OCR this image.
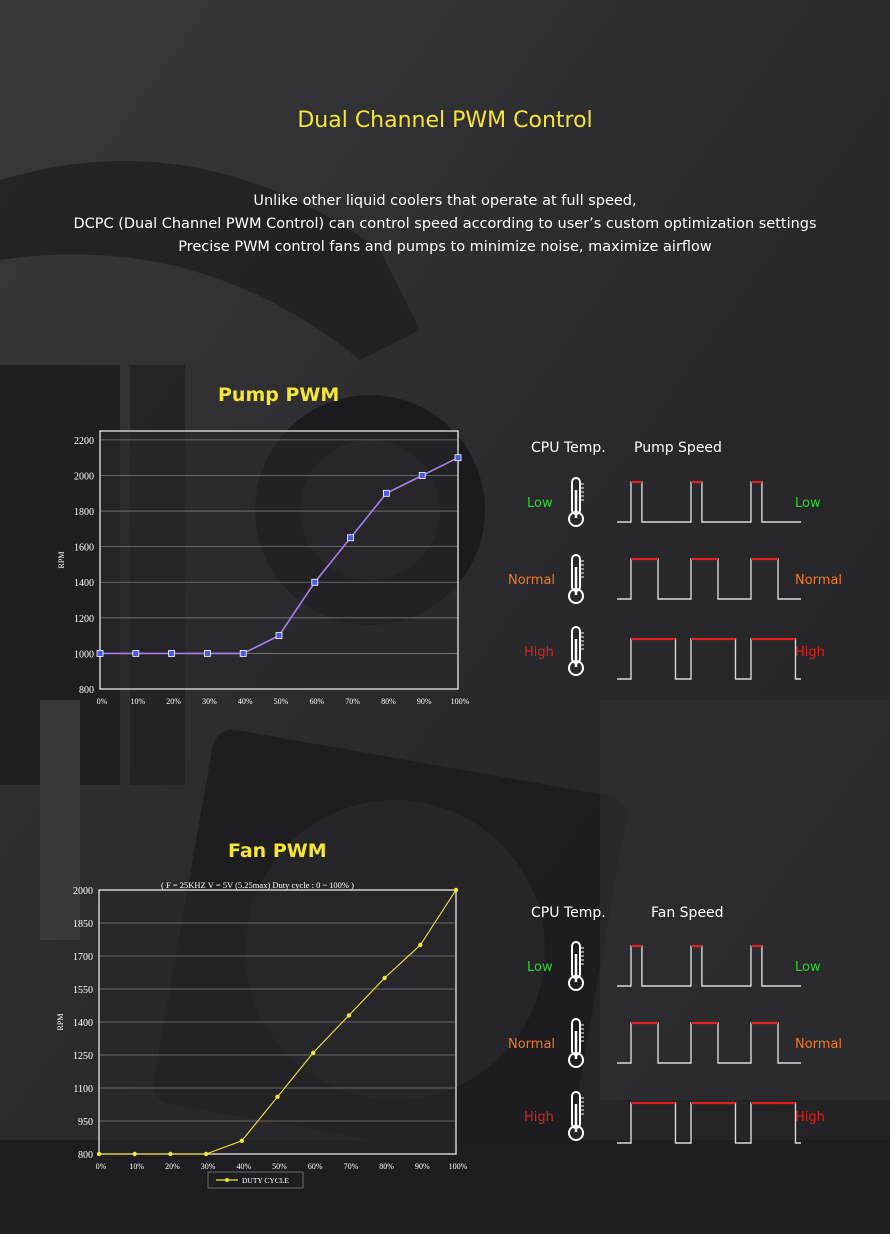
Dual Channel PWM Control
Unlike other liquid coolers that operate at full speed,
DCPC (Dual Channel PWM Control) can control speed according to user’s custom optimization settings
Precise PWM control fans and pumps to minimize noise, maximize airflow
Pump PWM
800
1000
1200
1400
1600
1800
2000
2200
0%	10%	20%	30%	40%	50%	60%	70%	80%	90% 100%
RPM
CPU Temp. Pump Speed
Fan PWM
800
950
1100
1250
1400
1550
1700
1850
2000
0%	10%	20%	30%	40%	50%	60%	70%	80%	90% 100%
RPM
( F = 25KHZ V = 5V (5.25max) Duty cycle : 0 ~ 100% )
DUTY CYCLE
CPU Temp.	Fan Speed
Low	Low
Normal	Normal
High	High
Low	Low
Normal	Normal
High	High
